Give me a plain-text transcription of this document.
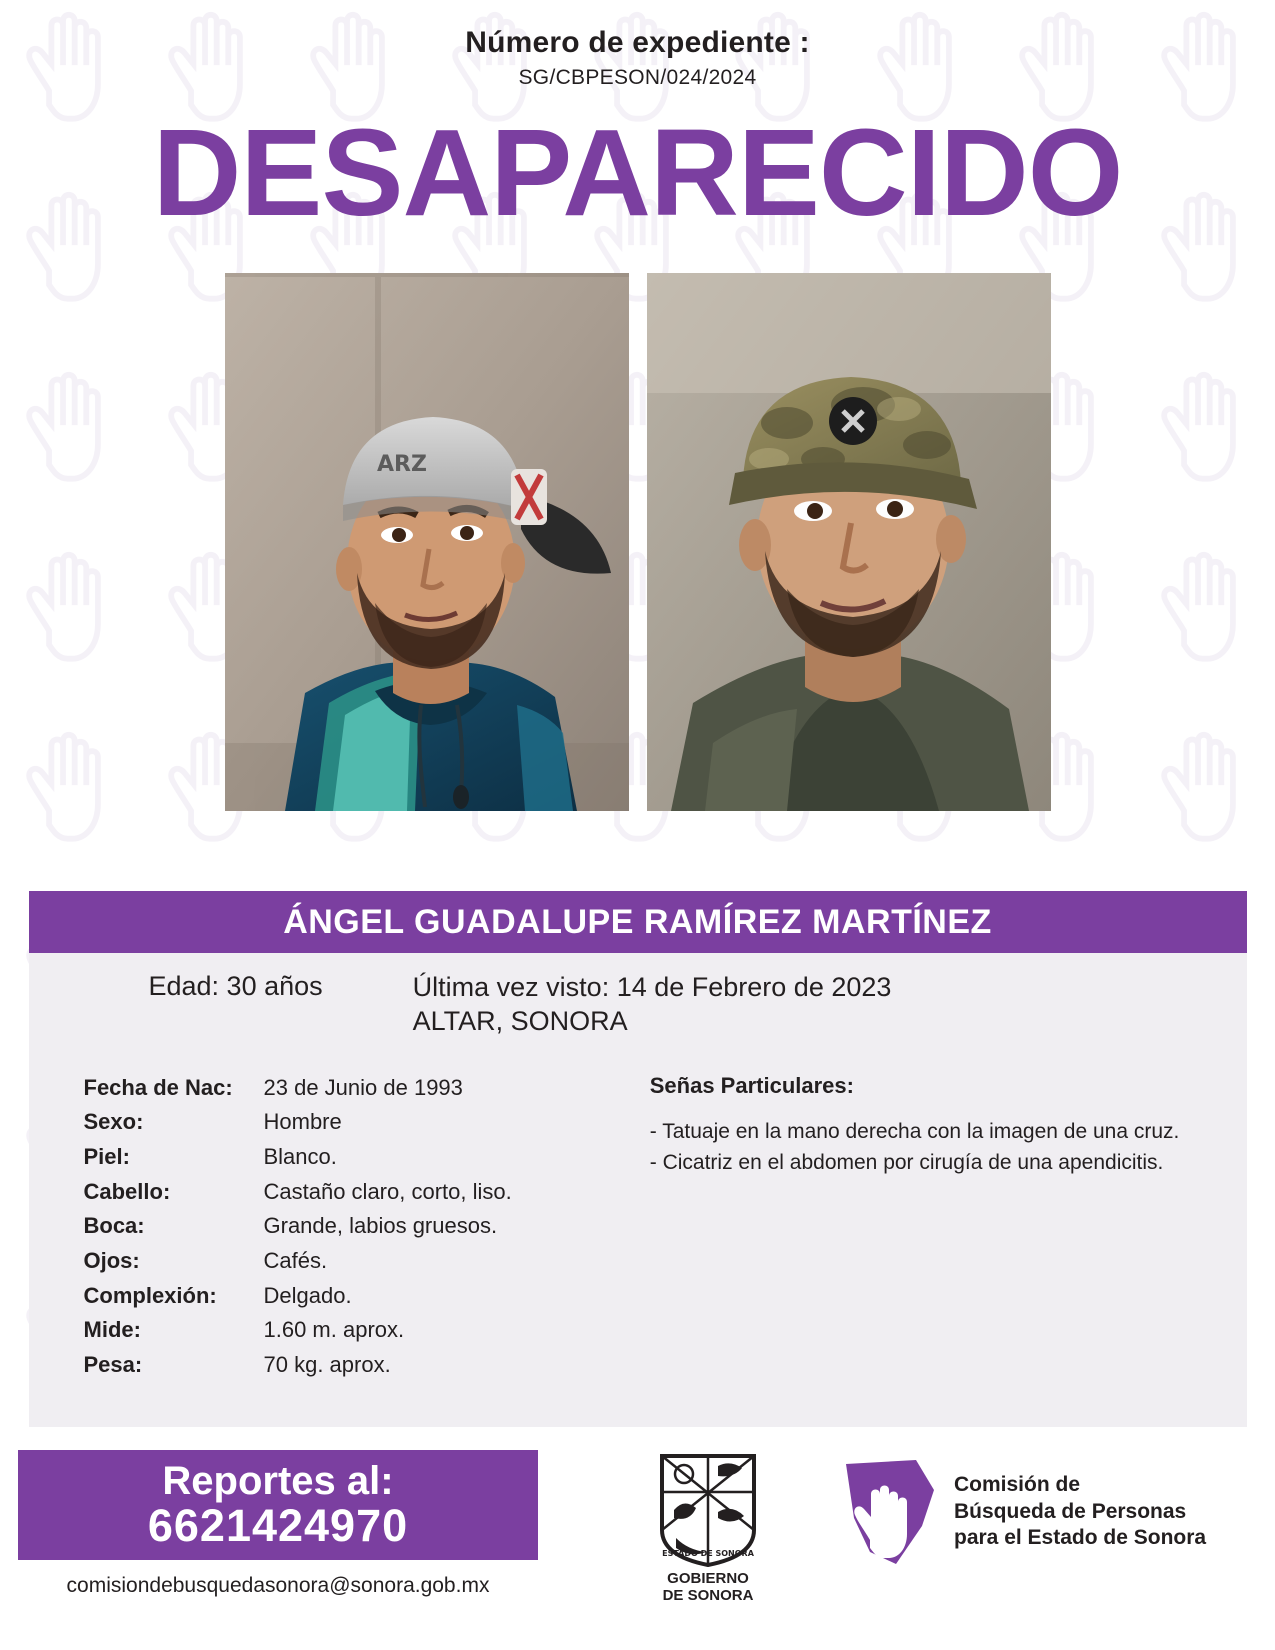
Número de expediente :
SG/CBPESON/024/2024
DESAPARECIDO
ARZ
ÁNGEL GUADALUPE RAMÍREZ MARTÍNEZ
Edad: 30 años	Última vez visto: 14 de Febrero de 2023
ALTAR, SONORA
Fecha de Nac:	23 de Junio de 1993
Sexo:	Hombre
Piel:	Blanco.
Cabello:	Castaño claro, corto, liso.
Boca:	Grande, labios gruesos.
Ojos:	Cafés.
Complexión:	Delgado.
Mide:	1.60 m. aprox.
Pesa:	70 kg. aprox.
Señas Particulares:
- Tatuaje en la mano derecha con la imagen de una cruz.
- Cicatriz en el abdomen por cirugía de una apendicitis.
Reportes al:
6621424970
comisiondebusquedasonora@sonora.gob.mx
ESTADO DE SONORA
GOBIERNO
DE SONORA
Comisión de
Búsqueda de Personas
para el Estado de Sonora
